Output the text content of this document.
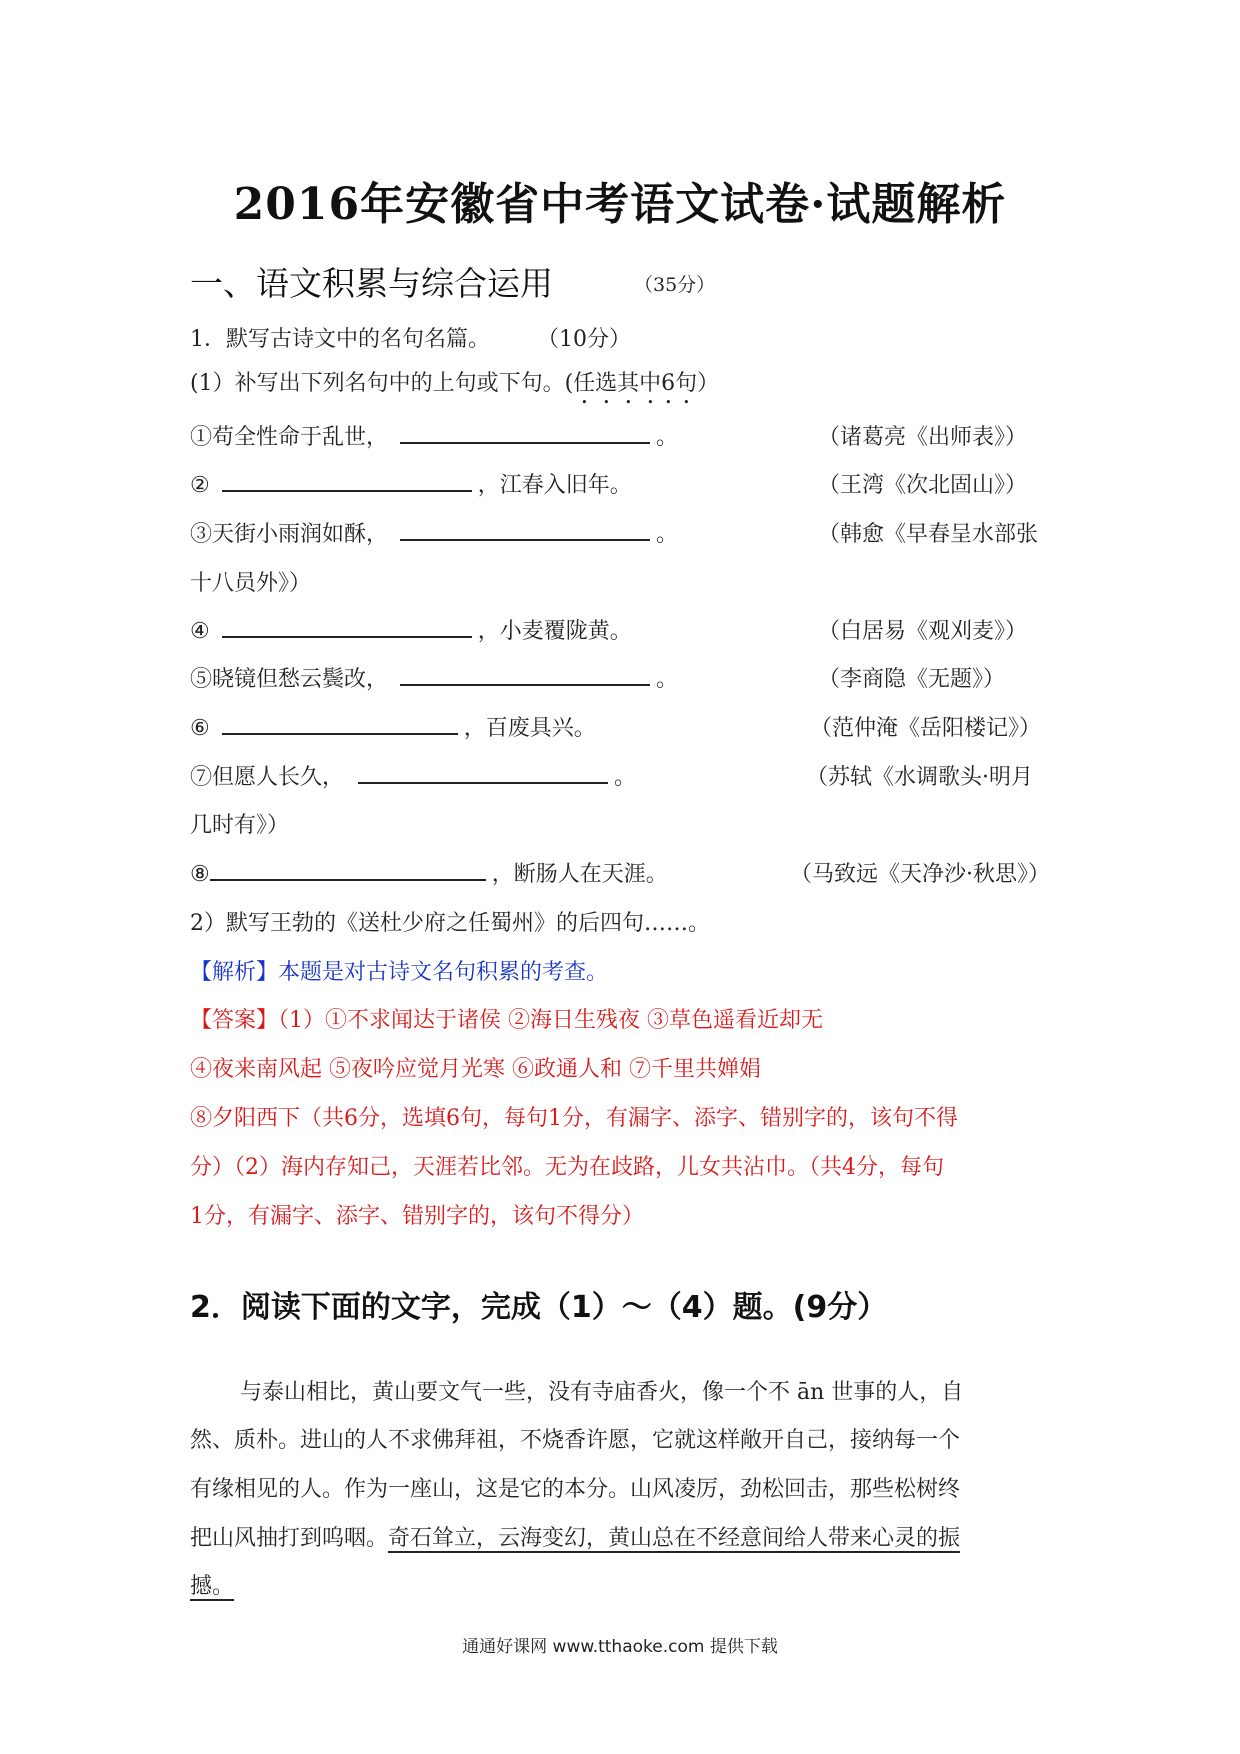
2016年安徽省中考语文试卷·试题解析
一、语文积累与综合运用	（35分）
1．默写古诗文中的名句名篇。 （10分）
(1）补写出下列名句中的上句或下句。(任选其中6句）
①苟全性命于乱世，	。	（诸葛亮《出师表》）
②	，江春入旧年。	（王湾《次北固山》）
③天街小雨润如酥，	。	（韩愈《早春呈水部张
十八员外》）
④	，小麦覆陇黄。	（白居易《观刈麦》）
⑤晓镜但愁云鬓改，	。	（李商隐《无题》）
⑥	，百废具兴。	（范仲淹《岳阳楼记》）
⑦但愿人长久，	。	（苏轼《水调歌头·明月
几时有》）
⑧	，断肠人在天涯。	（马致远《天净沙·秋思》）
2）默写王勃的《送杜少府之任蜀州》的后四句……。
【解析】本题是对古诗文名句积累的考查。
【答案】（1）①不求闻达于诸侯 ②海日生残夜 ③草色遥看近却无
④夜来南风起 ⑤夜吟应觉月光寒 ⑥政通人和 ⑦千里共婵娟
⑧夕阳西下（共6分，选填6句，每句1分，有漏字、添字、错别字的，该句不得
分）（2）海内存知己，天涯若比邻。无为在歧路，儿女共沾巾。（共4分，每句
1分，有漏字、添字、错别字的，该句不得分）
2．阅读下面的文字，完成（1）～（4）题。(9分）
与泰山相比，黄山要文气一些，没有寺庙香火，像一个不 ān 世事的人，自
然、质朴。进山的人不求佛拜祖，不烧香许愿，它就这样敞开自己，接纳每一个
有缘相见的人。作为一座山，这是它的本分。山风凌厉，劲松回击，那些松树终
把山风抽打到呜咽。奇石耸立，云海变幻，黄山总在不经意间给人带来心灵的振
撼。
通通好课网 www.tthaoke.com 提供下载
